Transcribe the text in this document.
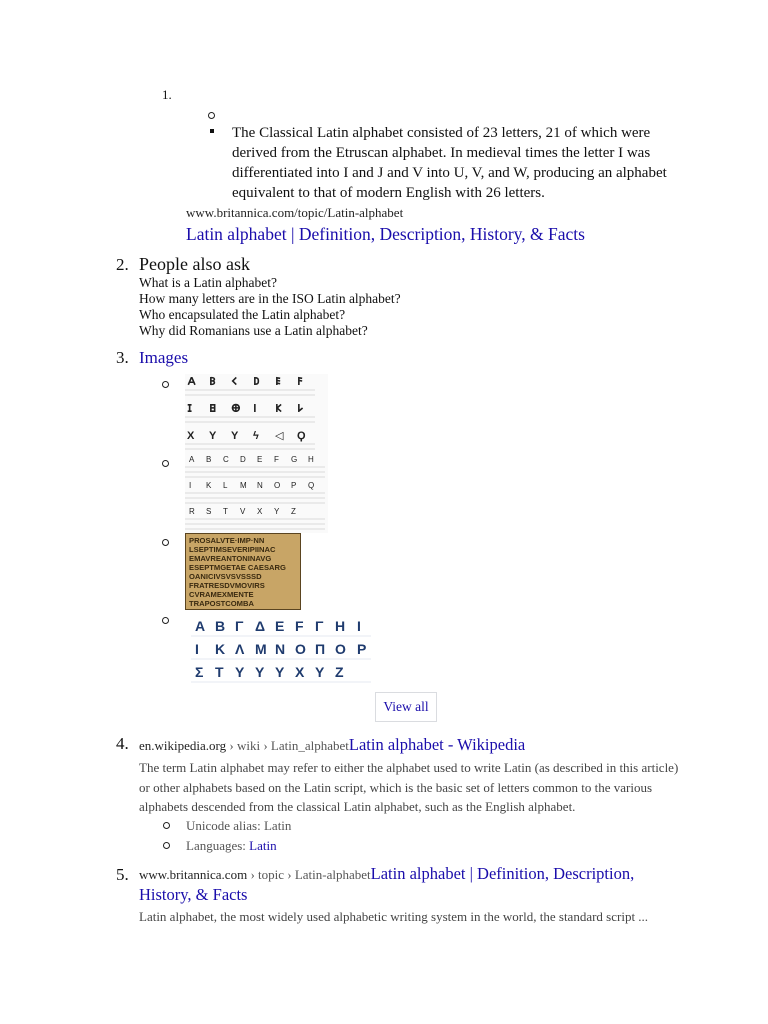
1.
The Classical Latin alphabet consisted of 23 letters, 21 of which were derived from the Etruscan alphabet. In medieval times the letter I was differentiated into I and J and V into U, V, and W, producing an alphabet equivalent to that of modern English with 26 letters.
www.britannica.com/topic/Latin-alphabet
Latin alphabet | Definition, Description, History, & Facts
2. People also ask
What is a Latin alphabet?
How many letters are in the ISO Latin alphabet?
Who encapsulated the Latin alphabet?
Why did Romanians use a Latin alphabet?
3. Images
𐌀 𐌁 𐌂 𐌃 𐌄 𐌅
𐌆 𐌇 𐌈 𐌉 𐌊 𐌋
X Y Υ ϟ ◁ Ϙ
A B C D E F G H
I K L M N O P Q
R S T V X Y Z
PROSALVTE·IMP·NN
LSEPTIMSEVERIPIINAC
EMAVREANTONINAVG
ESEPTMGETAE CAESARG
OANICIVSVSVSSSD
FRATRESDVMOVIRS
CVRAMEXMENTE
TRAPOSTCOMBA
Α Β Γ Δ Ε F Γ Η Ι
Ι Κ Λ Μ Ν Ο Π Ο Ρ
Σ Τ Υ Υ Υ Χ Υ Ζ
View all
4. en.wikipedia.org › wiki › Latin_alphabetLatin alphabet - Wikipedia
The term Latin alphabet may refer to either the alphabet used to write Latin (as described in this article) or other alphabets based on the Latin script, which is the basic set of letters common to the various alphabets descended from the classical Latin alphabet, such as the English alphabet.
Unicode alias: Latin
Languages: Latin
5. www.britannica.com › topic › Latin-alphabetLatin alphabet | Definition, Description, History, & Facts
Latin alphabet, the most widely used alphabetic writing system in the world, the standard script ...
